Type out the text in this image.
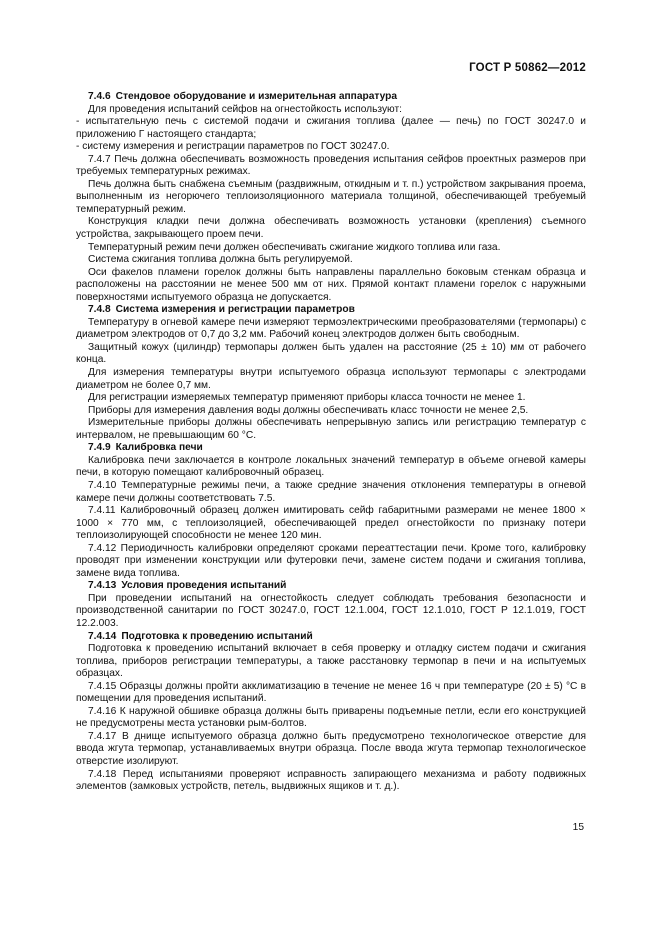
ГОСТ Р 50862—2012
7.4.6 Стендовое оборудование и измерительная аппаратура

Для проведения испытаний сейфов на огнестойкость используют:

- испытательную печь с системой подачи и сжигания топлива (далее — печь) по ГОСТ 30247.0 и приложению Г настоящего стандарта;

- систему измерения и регистрации параметров по ГОСТ 30247.0.

7.4.7 Печь должна обеспечивать возможность проведения испытания сейфов проектных размеров при требуемых температурных режимах.

Печь должна быть снабжена съемным (раздвижным, откидным и т. п.) устройством закрывания проема, выполненным из негорючего теплоизоляционного материала толщиной, обеспечивающей требуемый температурный режим.

Конструкция кладки печи должна обеспечивать возможность установки (крепления) съемного устройства, закрывающего проем печи.

Температурный режим печи должен обеспечивать сжигание жидкого топлива или газа.

Система сжигания топлива должна быть регулируемой.

Оси факелов пламени горелок должны быть направлены параллельно боковым стенкам образца и расположены на расстоянии не менее 500 мм от них. Прямой контакт пламени горелок с наружными поверхностями испытуемого образца не допускается.

7.4.8 Система измерения и регистрации параметров

Температуру в огневой камере печи измеряют термоэлектрическими преобразователями (термопары) с диаметром электродов от 0,7 до 3,2 мм. Рабочий конец электродов должен быть свободным.

Защитный кожух (цилиндр) термопары должен быть удален на расстояние (25 ± 10) мм от рабочего конца.

Для измерения температуры внутри испытуемого образца используют термопары с электродами диаметром не более 0,7 мм.

Для регистрации измеряемых температур применяют приборы класса точности не менее 1.

Приборы для измерения давления воды должны обеспечивать класс точности не менее 2,5.

Измерительные приборы должны обеспечивать непрерывную запись или регистрацию температур с интервалом, не превышающим 60 °С.

7.4.9 Калибровка печи

Калибровка печи заключается в контроле локальных значений температур в объеме огневой камеры печи, в которую помещают калибровочный образец.

7.4.10 Температурные режимы печи, а также средние значения отклонения температуры в огневой камере печи должны соответствовать 7.5.

7.4.11 Калибровочный образец должен имитировать сейф габаритными размерами не менее 1800 × 1000 × 770 мм, с теплоизоляцией, обеспечивающей предел огнестойкости по признаку потери теплоизолирующей способности не менее 120 мин.

7.4.12 Периодичность калибровки определяют сроками переаттестации печи. Кроме того, калибровку проводят при изменении конструкции или футеровки печи, замене систем подачи и сжигания топлива, замене вида топлива.

7.4.13 Условия проведения испытаний

При проведении испытаний на огнестойкость следует соблюдать требования безопасности и производственной санитарии по ГОСТ 30247.0, ГОСТ 12.1.004, ГОСТ 12.1.010, ГОСТ Р 12.1.019, ГОСТ 12.2.003.

7.4.14 Подготовка к проведению испытаний

Подготовка к проведению испытаний включает в себя проверку и отладку систем подачи и сжигания топлива, приборов регистрации температуры, а также расстановку термопар в печи и на испытуемых образцах.

7.4.15 Образцы должны пройти акклиматизацию в течение не менее 16 ч при температуре (20 ± 5) °С в помещении для проведения испытаний.

7.4.16 К наружной обшивке образца должны быть приварены подъемные петли, если его конструкцией не предусмотрены места установки рым-болтов.

7.4.17 В днище испытуемого образца должно быть предусмотрено технологическое отверстие для ввода жгута термопар, устанавливаемых внутри образца. После ввода жгута термопар технологическое отверстие изолируют.

7.4.18 Перед испытаниями проверяют исправность запирающего механизма и работу подвижных элементов (замковых устройств, петель, выдвижных ящиков и т. д.).

15
